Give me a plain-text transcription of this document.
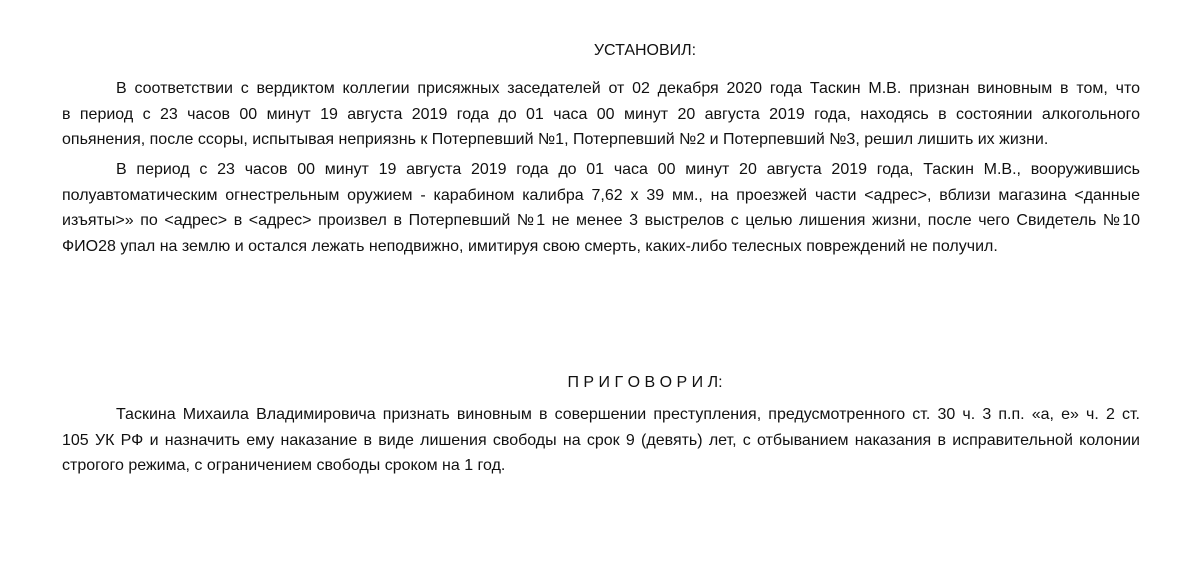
УСТАНОВИЛ:
В соответствии с вердиктом коллегии присяжных заседателей от 02 декабря 2020 года Таскин М.В. признан виновным в том, что
в период с 23 часов 00 минут 19 августа 2019 года до 01 часа 00 минут 20 августа 2019 года, находясь в состоянии алкогольного
опьянения, после ссоры, испытывая неприязнь к Потерпевший №1, Потерпевший №2 и Потерпевший №3, решил лишить их жизни.
В период с 23 часов 00 минут 19 августа 2019 года до 01 часа 00 минут 20 августа 2019 года, Таскин М.В., вооружившись
полуавтоматическим огнестрельным оружием - карабином калибра 7,62 х 39 мм., на проезжей части <адрес>, вблизи магазина <данные
изъяты>» по <адрес> в <адрес> произвел в Потерпевший №1 не менее 3 выстрелов с целью лишения жизни, после чего Свидетель №10
ФИО28 упал на землю и остался лежать неподвижно, имитируя свою смерть, каких-либо телесных повреждений не получил.
П Р И Г О В О Р И Л:
Таскина Михаила Владимировича признать виновным в совершении преступления, предусмотренного ст. 30 ч. 3 п.п. «а, е» ч. 2 ст.
105 УК РФ и назначить ему наказание в виде лишения свободы на срок 9 (девять) лет, с отбыванием наказания в исправительной колонии
строгого режима, с ограничением свободы сроком на 1 год.
